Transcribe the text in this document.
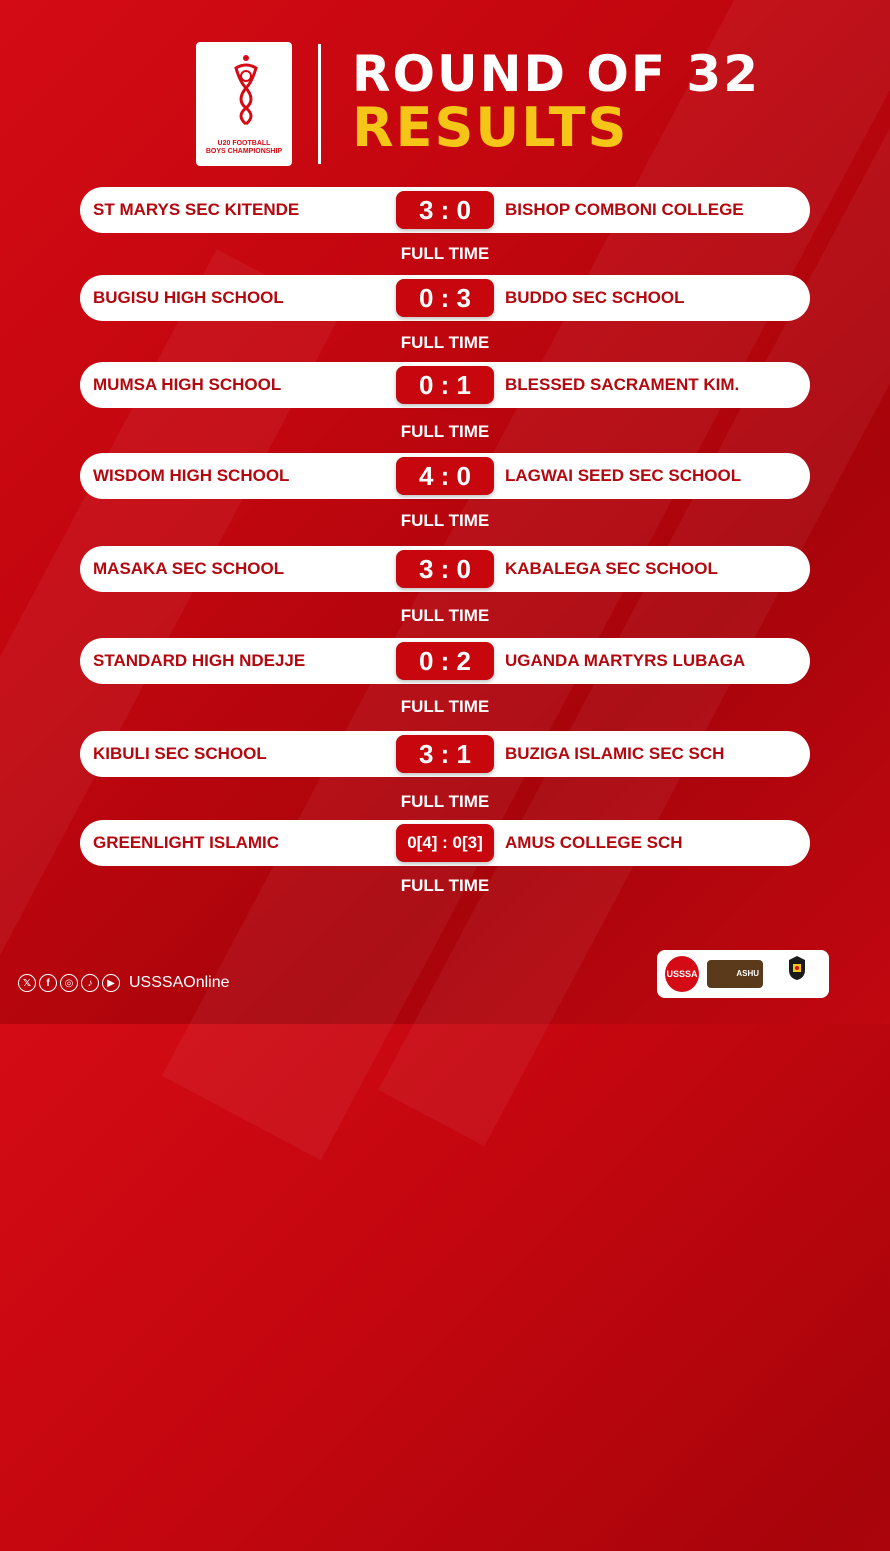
U20 FOOTBALL
BOYS CHAMPIONSHIP
ROUND OF 32
RESULTS
ST MARYS SEC KITENDE	3 : 0	BISHOP COMBONI COLLEGE
FULL TIME
BUGISU HIGH SCHOOL	0 : 3	BUDDO SEC SCHOOL
FULL TIME
MUMSA HIGH SCHOOL	0 : 1	BLESSED SACRAMENT KIM.
FULL TIME
WISDOM HIGH SCHOOL	4 : 0	LAGWAI SEED SEC SCHOOL
FULL TIME
MASAKA SEC SCHOOL	3 : 0	KABALEGA SEC SCHOOL
FULL TIME
STANDARD HIGH NDEJJE	0 : 2	UGANDA MARTYRS LUBAGA
FULL TIME
KIBULI SEC SCHOOL	3 : 1	BUZIGA ISLAMIC SEC SCH
FULL TIME
GREENLIGHT ISLAMIC	0[4] : 0[3]	AMUS COLLEGE SCH
FULL TIME
𝕏	f	◎	♪	▶ USSSAOnline	USSSA	ASHU
